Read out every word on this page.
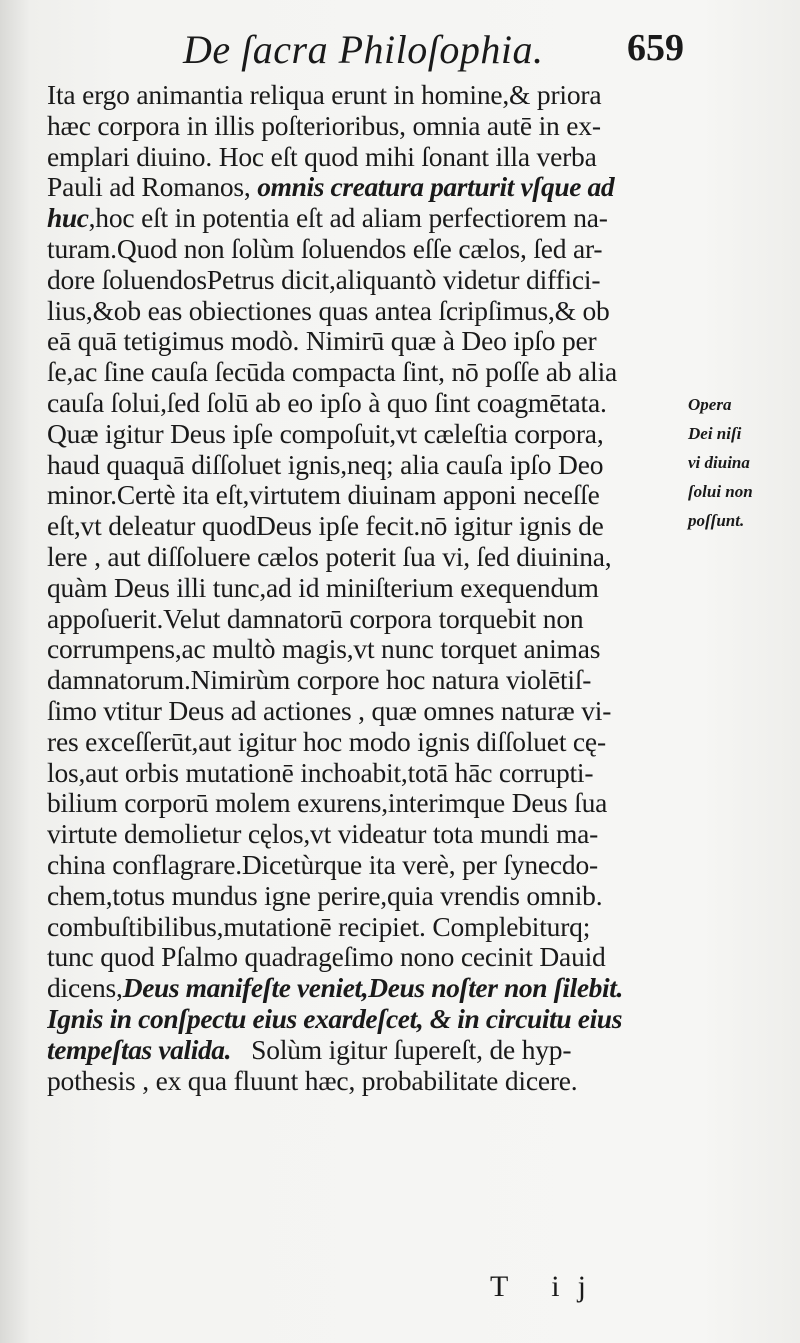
De ſacra Philoſophia.	659
Ita ergo animantia reliqua erunt in homine,& priora
hæc corpora in illis poſterioribus, omnia autē in ex-
emplari diuino. Hoc eſt quod mihi ſonant illa verba
Pauli ad Romanos, omnis creatura parturit vſque ad
huc,hoc eſt in potentia eſt ad aliam perfectiorem na-
turam.Quod non ſolùm ſoluendos eſſe cælos, ſed ar-
dore ſoluendosPetrus dicit,aliquantò videtur diffici-
lius,&ob eas obiectiones quas antea ſcripſimus,& ob
eā quā tetigimus modò. Nimirū quæ à Deo ipſo per
ſe,ac ſine cauſa ſecūda compacta ſint, nō poſſe ab alia
cauſa ſolui,ſed ſolū ab eo ipſo à quo ſint coagmētata.
Quæ igitur Deus ipſe compoſuit,vt cæleſtia corpora,
haud quaquā diſſoluet ignis,neq; alia cauſa ipſo Deo
minor.Certè ita eſt,virtutem diuinam apponi neceſſe
eſt,vt deleatur quodDeus ipſe fecit.nō igitur ignis de
lere , aut diſſoluere cælos poterit ſua vi, ſed diuinina,
quàm Deus illi tunc,ad id miniſterium exequendum
appoſuerit.Velut damnatorū corpora torquebit non
corrumpens,ac multò magis,vt nunc torquet animas
damnatorum.Nimirùm corpore hoc natura violētiſ-
ſimo vtitur Deus ad actiones , quæ omnes naturæ vi-
res exceſſerūt,aut igitur hoc modo ignis diſſoluet cę-
los,aut orbis mutationē inchoabit,totā hāc corrupti-
bilium corporū molem exurens,interimque Deus ſua
virtute demolietur cęlos,vt videatur tota mundi ma-
china conflagrare.Dicetùrque ita verè, per ſynecdo-
chem,totus mundus igne perire,quia vrendis omnib.
combuſtibilibus,mutationē recipiet. Complebiturq;
tunc quod Pſalmo quadrageſimo nono cecinit Dauid
dicens,Deus manifeſte veniet,Deus noſter non ſilebit.
Ignis in conſpectu eius exardeſcet, & in circuitu eius
tempeſtas valida. Solùm igitur ſupereſt, de hyp-
pothesis , ex qua fluunt hæc, probabilitate dicere.
Opera
Dei niſi
vi diuina
ſolui non
poſſunt.
T ij
